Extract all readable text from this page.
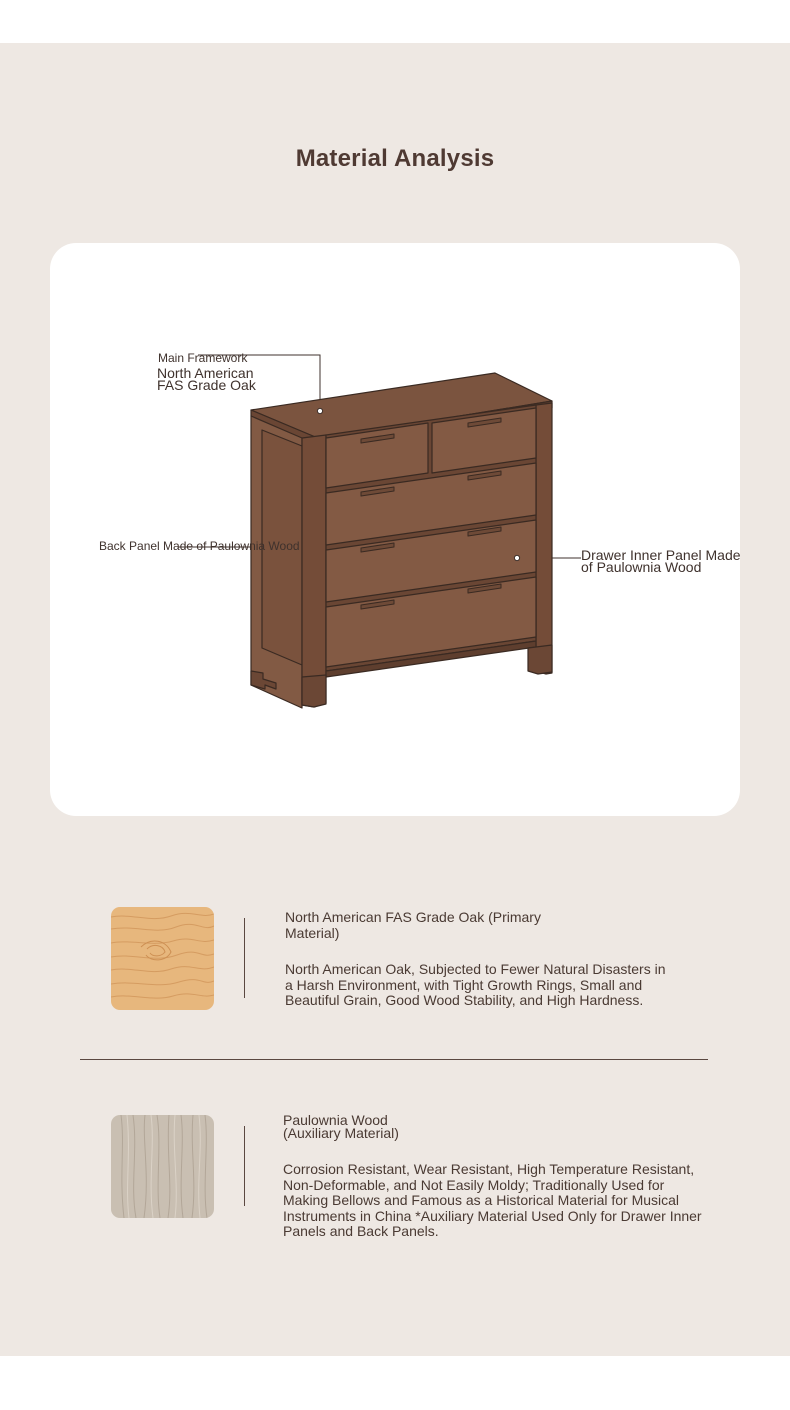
Material Analysis
Main Framework
North American
FAS Grade Oak
Back Panel Made of Paulownia Wood
Drawer Inner Panel Made
of Paulownia Wood
North American FAS Grade Oak (Primary Material)
North American Oak, Subjected to Fewer Natural Disasters in a Harsh Environment, with Tight Growth Rings, Small and Beautiful Grain, Good Wood Stability, and High Hardness.
Paulownia Wood
(Auxiliary Material)
Corrosion Resistant, Wear Resistant, High Temperature Resistant, Non-Deformable, and Not Easily Moldy; Traditionally Used for Making Bellows and Famous as a Historical Material for Musical Instruments in China *Auxiliary Material Used Only for Drawer Inner Panels and Back Panels.
